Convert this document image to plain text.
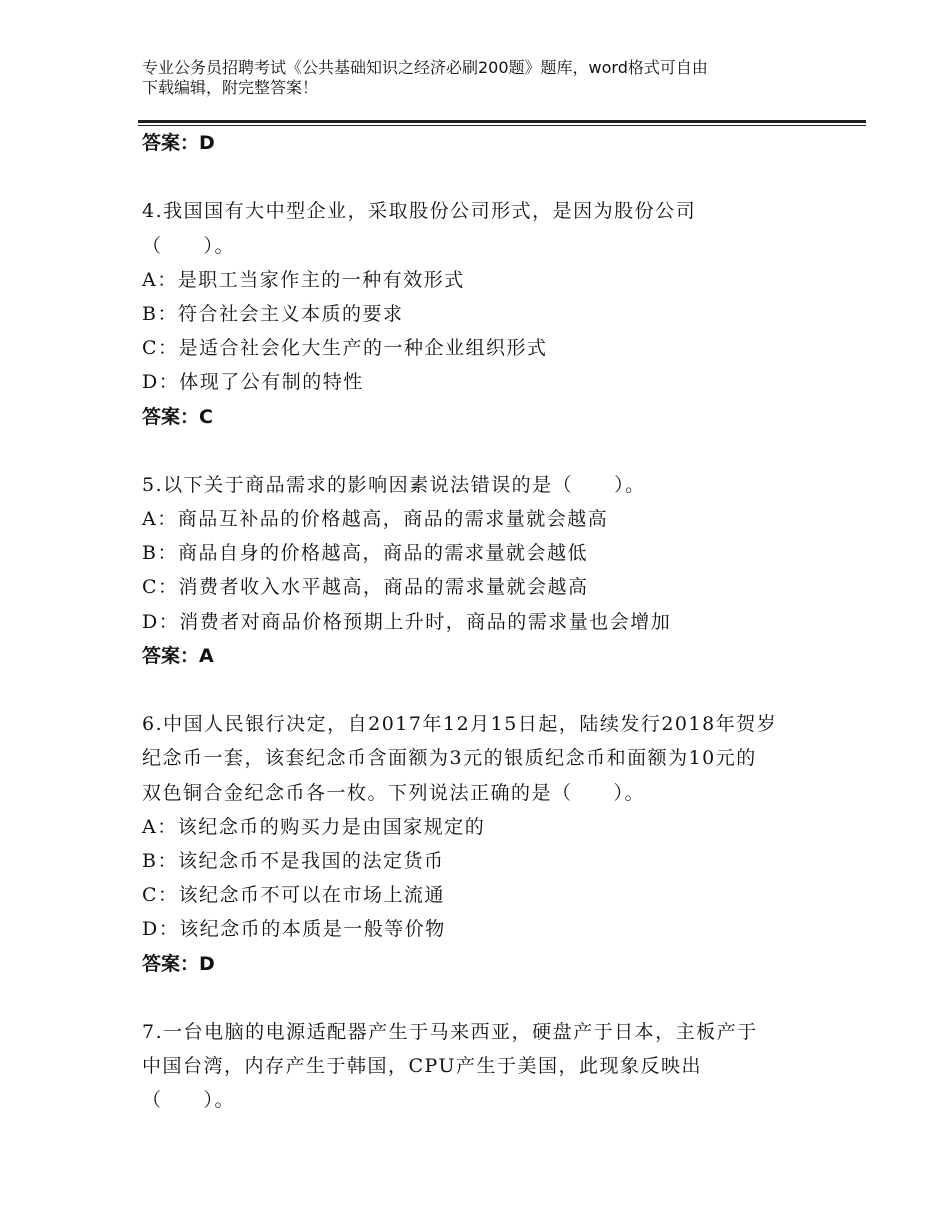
专业公务员招聘考试《公共基础知识之经济必刷200题》题库，word格式可自由
下载编辑，附完整答案！
答案：D
4.我国国有大中型企业，采取股份公司形式，是因为股份公司
（　　）。
A：是职工当家作主的一种有效形式
B：符合社会主义本质的要求
C：是适合社会化大生产的一种企业组织形式
D：体现了公有制的特性
答案：C
5.以下关于商品需求的影响因素说法错误的是（　　）。
A：商品互补品的价格越高，商品的需求量就会越高
B：商品自身的价格越高，商品的需求量就会越低
C：消费者收入水平越高，商品的需求量就会越高
D：消费者对商品价格预期上升时，商品的需求量也会增加
答案：A
6.中国人民银行决定，自2017年12月15日起，陆续发行2018年贺岁
纪念币一套，该套纪念币含面额为3元的银质纪念币和面额为10元的
双色铜合金纪念币各一枚。下列说法正确的是（　　）。
A：该纪念币的购买力是由国家规定的
B：该纪念币不是我国的法定货币
C：该纪念币不可以在市场上流通
D：该纪念币的本质是一般等价物
答案：D
7.一台电脑的电源适配器产生于马来西亚，硬盘产于日本，主板产于
中国台湾，内存产生于韩国，CPU产生于美国，此现象反映出
（　　）。
